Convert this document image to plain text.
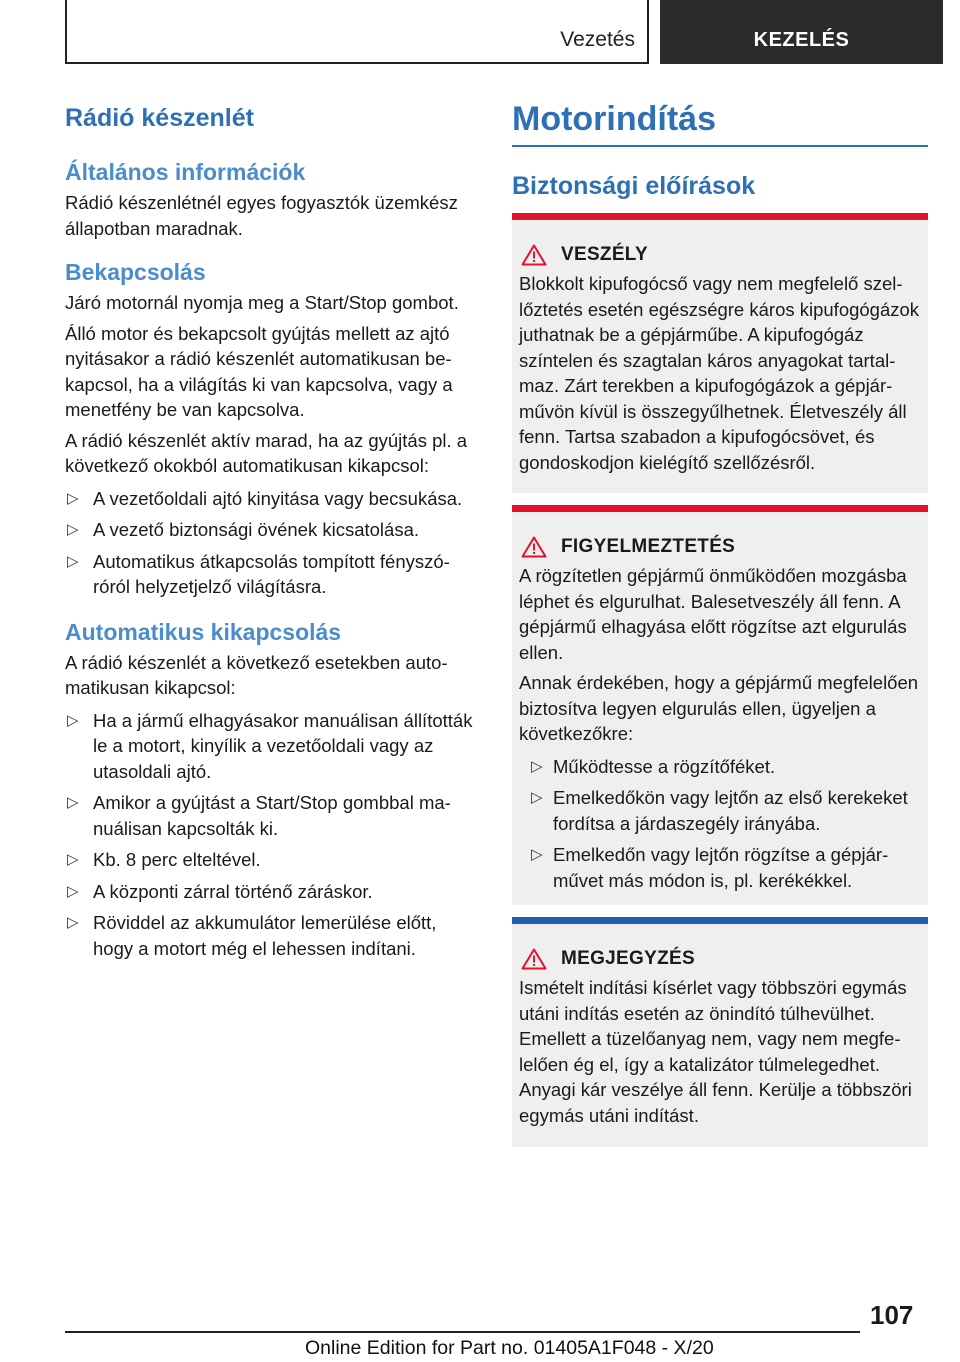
Vezetés	KEZELÉS
Rádió készenlét
Általános információk

Rádió készenlétnél egyes fogyasztók üzemkész állapotban maradnak.

Bekapcsolás

Járó motornál nyomja meg a Start/Stop gombot.

Álló motor és bekapcsolt gyújtás mellett az ajtó nyitásakor a rádió készenlét automatikusan bekapcsol, ha a világítás ki van kapcsolva, vagy a menetfény be van kapcsolva.

A rádió készenlét aktív marad, ha az gyújtás pl. a következő okokból automatikusan kikapcsol:

▷ A vezetőoldali ajtó kinyitása vagy becsukása.
▷ A vezető biztonsági övének kicsatolása.
▷ Automatikus átkapcsolás tompított fényszóróról helyzetjelző világításra.
Automatikus kikapcsolás

A rádió készenlét a következő esetekben automatikusan kikapcsol:

▷ Ha a jármű elhagyásakor manuálisan állították le a motort, kinyílik a vezetőoldali vagy az utasoldali ajtó.
▷ Amikor a gyújtást a Start/Stop gombbal manuálisan kapcsolták ki.
▷ Kb. 8 perc elteltével.
▷ A központi zárral történő záráskor.
▷ Röviddel az akkumulátor lemerülése előtt, hogy a motort még el lehessen indítani.
Motorindítás
Biztonsági előírások
VESZÉLY

Blokkolt kipufogócső vagy nem megfelelő szellőztetés esetén egészségre káros kipufogógázok juthatnak be a gépjárműbe. A kipufogógáz színtelen és szagtalan káros anyagokat tartalmaz. Zárt terekben a kipufogógázok a gépjárművön kívül is összegyűlhetnek. Életveszély áll fenn. Tartsa szabadon a kipufogócsövet, és gondoskodjon kielégítő szellőzésről.

FIGYELMEZTETÉS

A rögzítetlen gépjármű önműködően mozgásba léphet és elgurulhat. Balesetveszély áll fenn. A gépjármű elhagyása előtt rögzítse azt elgurulás ellen.

Annak érdekében, hogy a gépjármű megfelelően biztosítva legyen elgurulás ellen, ügyeljen a következőkre:

▷ Működtesse a rögzítőféket.
▷ Emelkedőkön vagy lejtőn az első kerekeket fordítsa a járdaszegély irányába.
▷ Emelkedőn vagy lejtőn rögzítse a gépjárművet más módon is, pl. kerékékkel.
MEGJEGYZÉS

Ismételt indítási kísérlet vagy többszöri egymás utáni indítás esetén az önindító túlhevülhet. Emellett a tüzelőanyag nem, vagy nem megfelelően ég el, így a katalizátor túlmelegedhet. Anyagi kár veszélye áll fenn. Kerülje a többszöri egymás utáni indítást.

107
Online Edition for Part no. 01405A1F048 - X/20
